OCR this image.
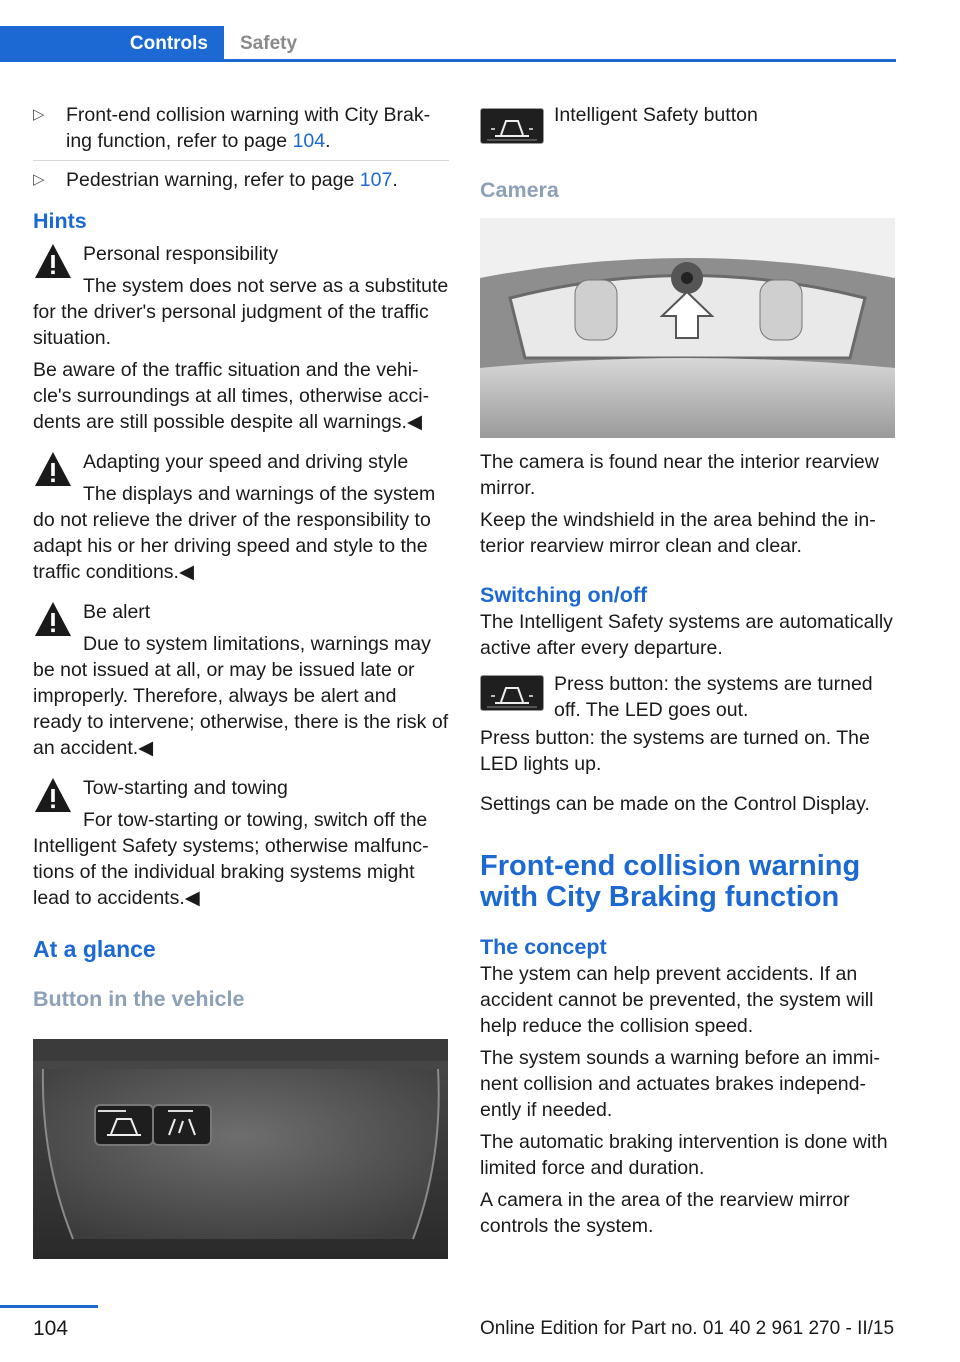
Controls	Safety
▷ Front-end collision warning with City Braking function, refer to page 104.
▷ Pedestrian warning, refer to page 107.
Hints

Personal responsibility

The system does not serve as a substitute for the driver's personal judgment of the traffic situation.

Be aware of the traffic situation and the vehicle's surroundings at all times, otherwise accidents are still possible despite all warnings.◀

Adapting your speed and driving style

The displays and warnings of the system do not relieve the driver of the responsibility to adapt his or her driving speed and style to the traffic conditions.◀

Be alert

Due to system limitations, warnings may be not issued at all, or may be issued late or improperly. Therefore, always be alert and ready to intervene; otherwise, there is the risk of an accident.◀

Tow-starting and towing

For tow-starting or towing, switch off the Intelligent Safety systems; otherwise malfunctions of the individual braking systems might lead to accidents.◀

At a glance
Button in the vehicle

Intelligent Safety button

Camera

The camera is found near the interior rearview mirror.

Keep the windshield in the area behind the interior rearview mirror clean and clear.

Switching on/off

The Intelligent Safety systems are automatically active after every departure.

Press button: the systems are turned off. The LED goes out.

Press button: the systems are turned on. The LED lights up.

Settings can be made on the Control Display.

Front-end collision warning with City Braking function
The concept

The ystem can help prevent accidents. If an accident cannot be prevented, the system will help reduce the collision speed.

The system sounds a warning before an imminent collision and actuates brakes independently if needed.

The automatic braking intervention is done with limited force and duration.

A camera in the area of the rearview mirror controls the system.

104	Online Edition for Part no. 01 40 2 961 270 - II/15
